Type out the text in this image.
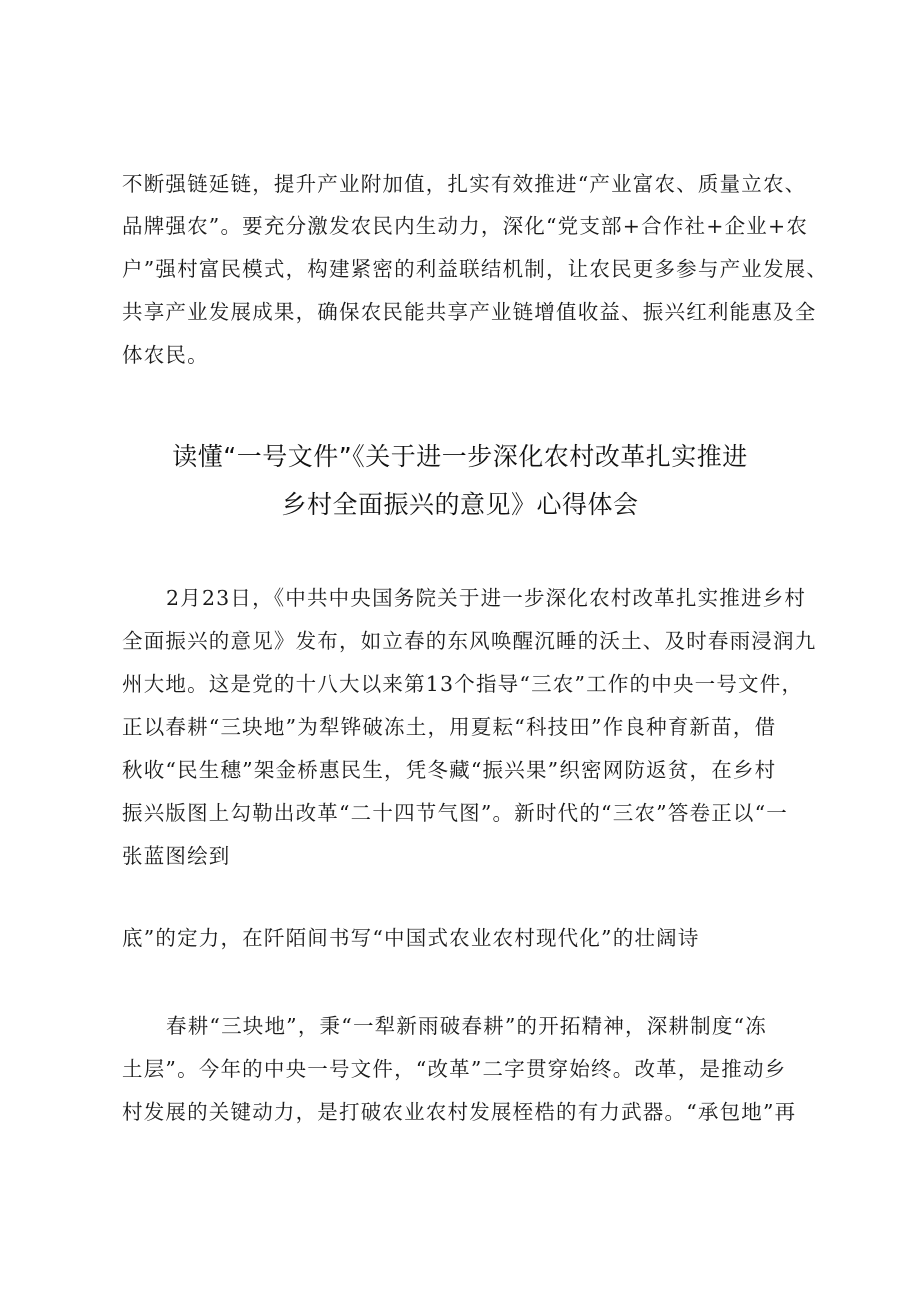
不断强链延链，提升产业附加值，扎实有效推进“产业富农、质量立农、
品牌强农”。要充分激发农民内生动力，深化“党支部+合作社+企业+农
户”强村富民模式，构建紧密的利益联结机制，让农民更多参与产业发展、
共享产业发展成果，确保农民能共享产业链增值收益、振兴红利能惠及全
体农民。
读懂“一号文件”《关于进一步深化农村改革扎实推进
乡村全面振兴的意见》心得体会
2月23日，《中共中央国务院关于进一步深化农村改革扎实推进乡村
全面振兴的意见》发布，如立春的东风唤醒沉睡的沃土、及时春雨浸润九
州大地。这是党的十八大以来第13个指导“三农”工作的中央一号文件，
正以春耕“三块地”为犁铧破冻土，用夏耘“科技田”作良种育新苗，借
秋收“民生穗”架金桥惠民生，凭冬藏“振兴果”织密网防返贫，在乡村
振兴版图上勾勒出改革“二十四节气图”。新时代的“三农”答卷正以“一
张蓝图绘到
底”的定力，在阡陌间书写“中国式农业农村现代化”的壮阔诗
春耕“三块地”，秉“一犁新雨破春耕”的开拓精神，深耕制度“冻
土层”。今年的中央一号文件，“改革”二字贯穿始终。改革，是推动乡
村发展的关键动力，是打破农业农村发展桎梏的有力武器。“承包地”再
